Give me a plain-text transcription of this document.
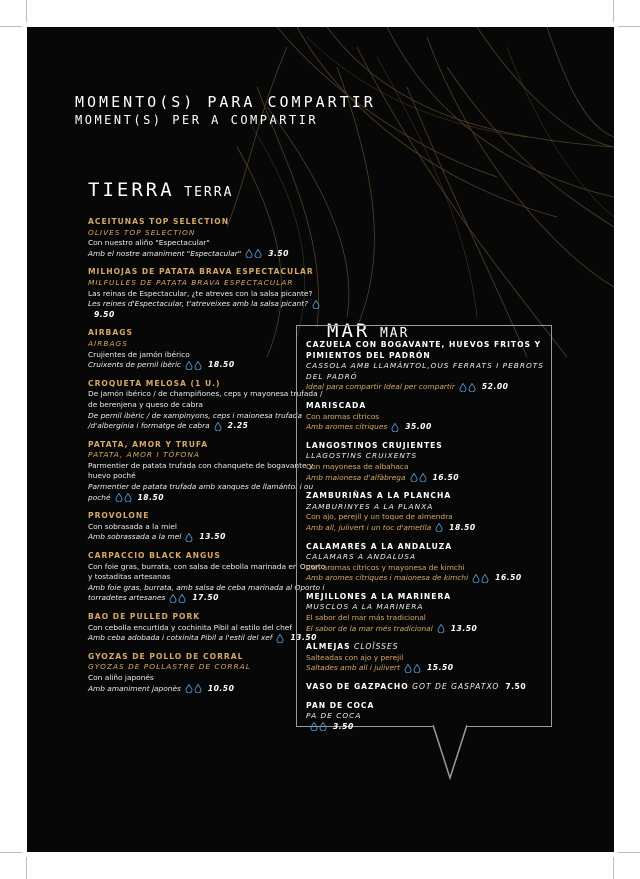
MOMENTO(S) PARA COMPARTIR
MOMENT(S) PER A COMPARTIR
TIERRA TERRA
ACEITUNAS TOP SELECTION
OLIVES TOP SELECTION
Con nuestro aliño "Espectacular"
Amb el nostre amaniment "Espectacular"	3.50
MILHOJAS DE PATATA BRAVA ESPECTACULAR
MILFULLES DE PATATA BRAVA ESPECTACULAR
Las reinas de Espectacular, ¿te atreves con la salsa picante?
Les reines d'Espectacular, t'atreveixes amb la salsa picant?
9.50
AIRBAGS
AIRBAGS
Crujientes de jamón ibérico
Cruixents de pernil ibèric	18.50
CROQUETA MELOSA (1 U.)
De jamón ibérico / de champiñones, ceps y mayonesa trufada / de berenjena y queso de cabra
De pernil ibèric / de xampinyons, ceps i maionesa trufada /d'albergínia i formatge de cabra 2.25
PATATA, AMOR Y TRUFA
PATATA, AMOR I TÒFONA
Parmentier de patata trufada con chanquete de bogavante y huevo poché
Parmentier de patata trufada amb xanques de llamántol i ou poché	18.50
PROVOLONE
Con sobrasada a la miel
Amb sobrassada a la mel 13.50
CARPACCIO BLACK ANGUS
Con foie gras, burrata, con salsa de cebolla marinada en Oporto y tostaditas artesanas
Amb foie gras, burrata, amb salsa de ceba marinada al Oporto i torradetes artesanes	17.50
BAO DE PULLED PORK
Con cebolla encurtida y cochinita Pibil al estilo del chef
Amb ceba adobada i cotxinita Pibil a l'estil del xef 13.50
GYOZAS DE POLLO DE CORRAL
GYOZAS DE POLLASTRE DE CORRAL
Con aliño japonés
Amb amaniment japonès	10.50
MAR MAR
CAZUELA CON BOGAVANTE, HUEVOS FRITOS Y PIMIENTOS DEL PADRÓN
CASSOLA AMB LLAMÀNTOL,OUS FERRATS I PEBROTS DEL PADRÓ
Ideal para compartir Ideal per compartir	52.00
MARISCADA
Con aromas cítricos
Amb aromes cítriques 35.00
LANGOSTINOS CRUJIENTES
LLAGOSTINS CRUIXENTS
Con mayonesa de albahaca
Amb maionesa d'alfàbrega	16.50
ZAMBURIÑAS A LA PLANCHA
ZAMBURINYES A LA PLANXA
Con ajo, perejil y un toque de almendra
Amb all, julivert i un toc d'ametlla 18.50
CALAMARES A LA ANDALUZA
CALAMARS A ANDALUSA
Con aromas cítricos y mayonesa de kimchi
Amb aromes cítriques i maionesa de kimchi	16.50
MEJILLONES A LA MARINERA
MUSCLOS A LA MARINERA
El sabor del mar más tradicional
El sabor de la mar més tradicional 13.50
ALMEJAS CLOÏSSES
Salteadas con ajo y perejil
Saltades amb all i julivert	15.50
VASO DE GAZPACHO GOT DE GASPATXO 7.50
PAN DE COCA
PA DE COCA
3.50
